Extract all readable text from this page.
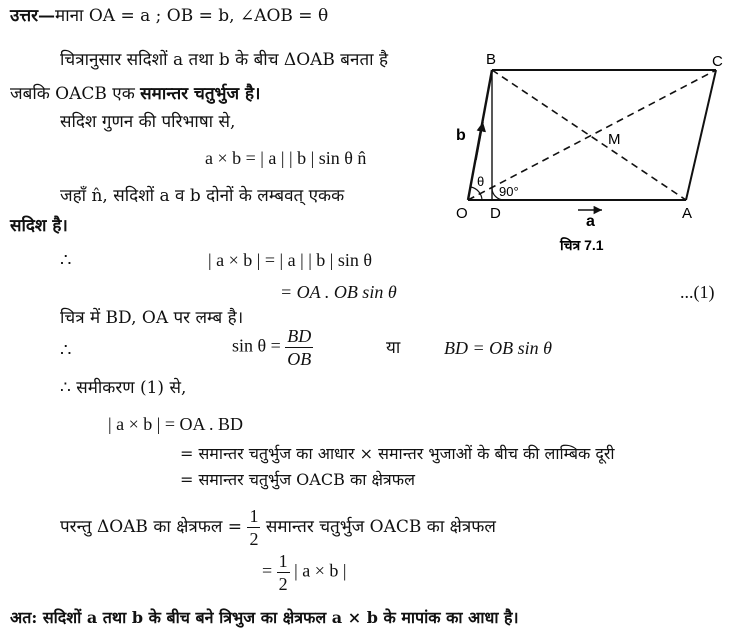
उत्तर—माना OA = a ; OB = b, ∠AOB = θ
चित्रानुसार सदिशों a तथा b के बीच ΔOAB बनता है
जबकि OACB एक समान्तर चतुर्भुज है।
सदिश गुणन की परिभाषा से,
a × b = | a | | b | sin θ n̂
जहाँ n̂, सदिशों a व b दोनों के लम्बवत् एकक
सदिश है।
∴	| a × b | = | a | | b | sin θ
= OA . OB sin θ	...(1)
चित्र में BD, OA पर लम्ब है।
∴	$\sin \theta = \frac{BD}{OB}$	या BD = OB sin θ
∴ समीकरण (1) से,
| a × b | = OA . BD
= समान्तर चतुर्भुज का आधार × समान्तर भुजाओं के बीच की लाम्बिक दूरी
= समान्तर चतुर्भुज OACB का क्षेत्रफल
परन्तु ΔOAB का क्षेत्रफल = $\frac{1}{2}$ समान्तर चतुर्भुज OACB का क्षेत्रफल
= $\frac{1}{2}$ | a × b |
अत: सदिशों a तथा b के बीच बने त्रिभुज का क्षेत्रफल a × b के मापांक का आधा है।
B	C
O D	A
M
b
a
θ
90°
चित्र 7.1
